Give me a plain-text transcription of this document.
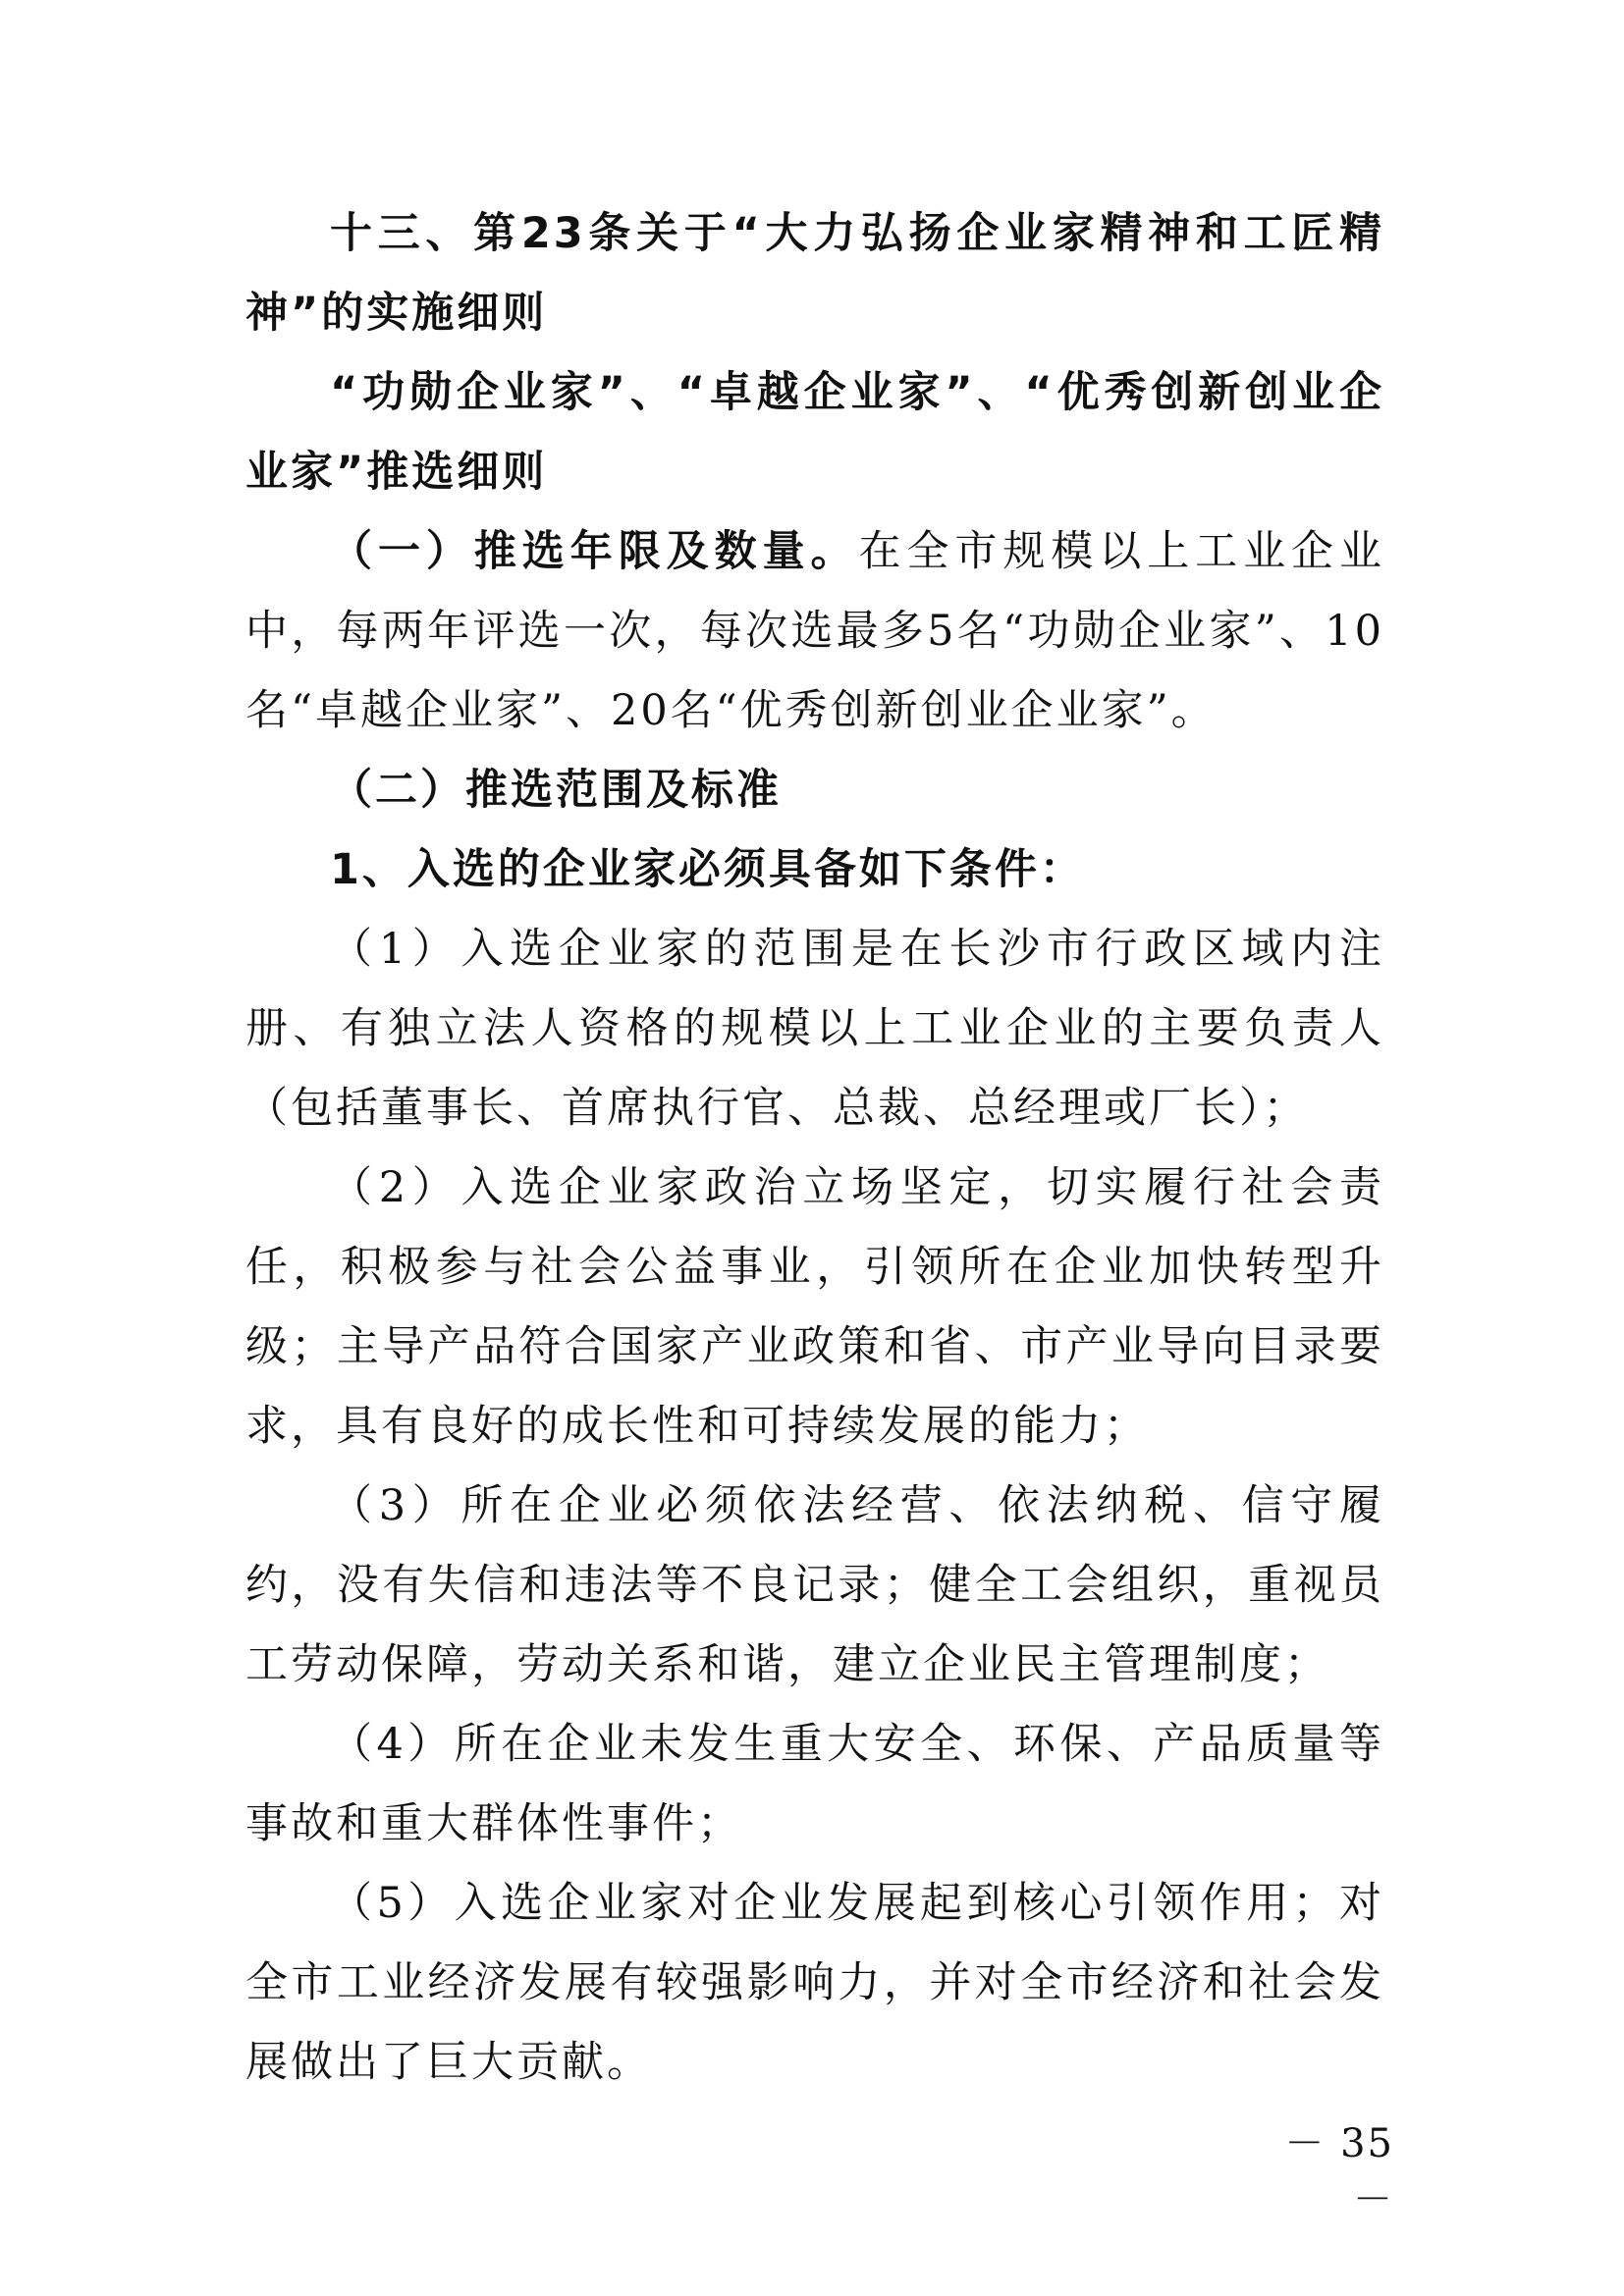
十三、第23条关于“大力弘扬企业家精神和工匠精神”的实施细则

“功勋企业家”、“卓越企业家”、“优秀创新创业企业家”推选细则

（一）推选年限及数量。在全市规模以上工业企业中，每两年评选一次，每次选最多5名“功勋企业家”、10名“卓越企业家”、20名“优秀创新创业企业家”。

（二）推选范围及标准

1、入选的企业家必须具备如下条件：

（1）入选企业家的范围是在长沙市行政区域内注册、有独立法人资格的规模以上工业企业的主要负责人（包括董事长、首席执行官、总裁、总经理或厂长）；

（2）入选企业家政治立场坚定，切实履行社会责任，积极参与社会公益事业，引领所在企业加快转型升级；主导产品符合国家产业政策和省、市产业导向目录要求，具有良好的成长性和可持续发展的能力；

（3）所在企业必须依法经营、依法纳税、信守履约，没有失信和违法等不良记录；健全工会组织，重视员工劳动保障，劳动关系和谐，建立企业民主管理制度；

（4）所在企业未发生重大安全、环保、产品质量等事故和重大群体性事件；

（5）入选企业家对企业发展起到核心引领作用；对全市工业经济发展有较强影响力，并对全市经济和社会发展做出了巨大贡献。

－ 35 －
